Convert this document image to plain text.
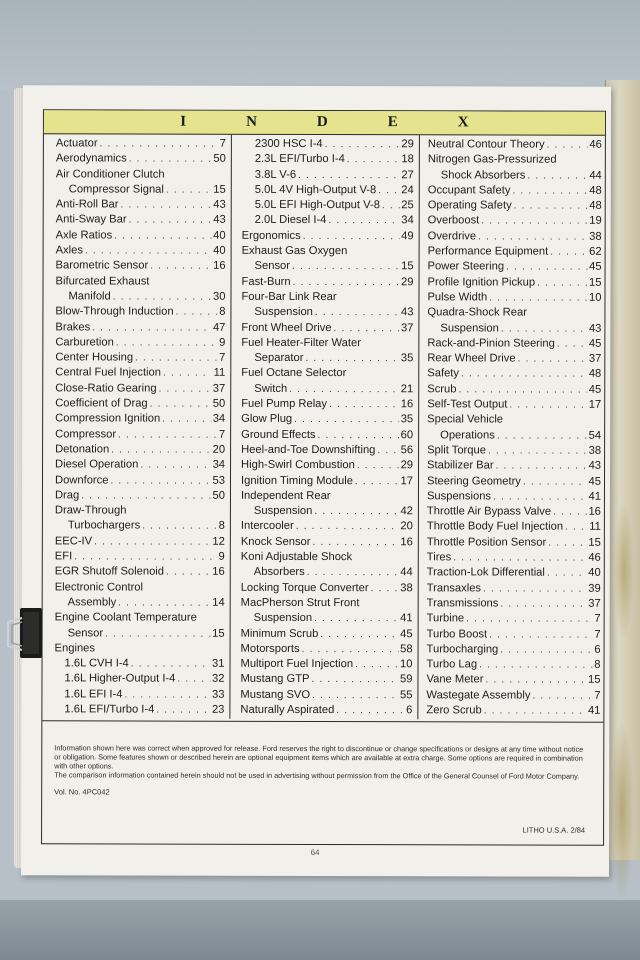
INDEX
Actuator . . .	7
Aerodynamics . . .	50
Air Conditioner Clutch
Compressor Signal . . .	15
Anti-Roll Bar . . .	43
Anti-Sway Bar . . .	43
Axle Ratios . . .	40
Axles . . .	40
Barometric Sensor . . .	16
Bifurcated Exhaust
Manifold . . .	30
Blow-Through Induction . . .	8
Brakes . . .	47
Carburetion . . .	9
Center Housing . . .	7
Central Fuel Injection . . .	11
Close-Ratio Gearing . . .	37
Coefficient of Drag . . .	50
Compression Ignition . . .	34
Compressor . . .	7
Detonation . . .	20
Diesel Operation . . .	34
Downforce . . .	53
Drag . . .	50
Draw-Through
Turbochargers . . .	8
EEC-IV . . .	12
EFI . . .	9
EGR Shutoff Solenoid . . .	16
Electronic Control
Assembly . . .	14
Engine Coolant Temperature
Sensor . . .	15
Engines
1.6L CVH I-4 . . .	31
1.6L Higher-Output I-4 . . .	32
1.6L EFI I-4 . . .	33
1.6L EFI/Turbo I-4 . . .	23
2300 HSC I-4 . . .	29
2.3L EFI/Turbo I-4 . . .	18
3.8L V-6 . . .	27
5.0L 4V High-Output V-8 . . . 24
5.0L EFI High-Output V-8 . . . 25
2.0L Diesel I-4 . . .	34
Ergonomics . . .	49
Exhaust Gas Oxygen
Sensor . . .	15
Fast-Burn . . .	29
Four-Bar Link Rear
Suspension . . .	43
Front Wheel Drive . . .	37
Fuel Heater-Filter Water
Separator . . .	35
Fuel Octane Selector
Switch . . .	21
Fuel Pump Relay . . .	16
Glow Plug . . .	35
Ground Effects . . .	60
Heel-and-Toe Downshifting . . . 56
High-Swirl Combustion . . .	29
Ignition Timing Module . . .	17
Independent Rear
Suspension . . .	42
Intercooler . . .	20
Knock Sensor . . .	16
Koni Adjustable Shock
Absorbers . . .	44
Locking Torque Converter . . .	38
MacPherson Strut Front
Suspension . . .	41
Minimum Scrub . . .	45
Motorsports . . .	58
Multiport Fuel Injection . . .	10
Mustang GTP . . .	59
Mustang SVO . . .	55
Naturally Aspirated . . .	6
Neutral Contour Theory . . .	46
Nitrogen Gas-Pressurized
Shock Absorbers . . .	44
Occupant Safety . . .	48
Operating Safety . . .	48
Overboost . . .	19
Overdrive . . .	38
Performance Equipment . . .	62
Power Steering . . .	45
Profile Ignition Pickup . . .	15
Pulse Width . . .	10
Quadra-Shock Rear
Suspension . . .	43
Rack-and-Pinion Steering . . .	45
Rear Wheel Drive . . .	37
Safety . . .	48
Scrub . . .	45
Self-Test Output . . .	17
Special Vehicle
Operations . . .	54
Split Torque . . .	38
Stabilizer Bar . . .	43
Steering Geometry . . .	45
Suspensions . . .	41
Throttle Air Bypass Valve . . .	16
Throttle Body Fuel Injection . . . 11
Throttle Position Sensor . . .	15
Tires . . .	46
Traction-Lok Differential . . .	40
Transaxles . . .	39
Transmissions . . .	37
Turbine . . .	7
Turbo Boost . . .	7
Turbocharging . . .	6
Turbo Lag . . .	8
Vane Meter . . .	15
Wastegate Assembly . . .	7
Zero Scrub . . .	41

Information shown here was correct when approved for release. Ford reserves the right to discontinue or change specifications or designs at any time without notice or obligation. Some features shown or described herein are optional equipment items which are available at extra charge. Some options are required in combination with other options.

The comparison information contained herein should not be used in advertising without permission from the Office of the General Counsel of Ford Motor Company.

Vol. No. 4PC042

LITHO U.S.A. 2/84
64
